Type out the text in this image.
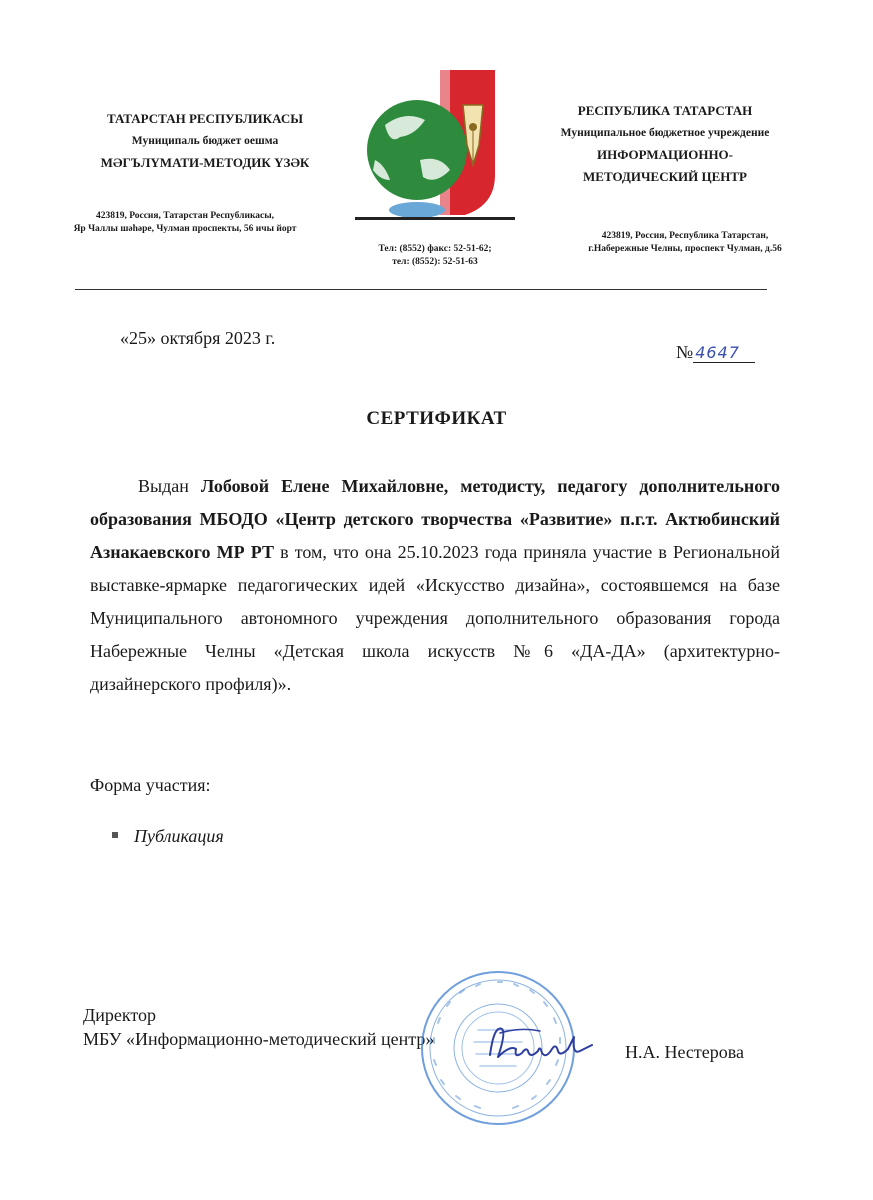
ТАТАРСТАН РЕСПУБЛИКАСЫ
Муниципаль бюджет оешма
МӘГЪЛҮМАТИ-МЕТОДИК ҮЗӘК
423819, Россия, Татарстан Республикасы,
Яр Чаллы шәһәре, Чулман проспекты, 56 ичы йорт
Тел: (8552) факс: 52-51-62;
тел: (8552): 52-51-63
РЕСПУБЛИКА ТАТАРСТАН
Муниципальное бюджетное учреждение
ИНФОРМАЦИОННО-
МЕТОДИЧЕСКИЙ ЦЕНТР
423819, Россия, Республика Татарстан,
г.Набережные Челны, проспект Чулман, д.56
«25» октября 2023 г.
№ 4647
СЕРТИФИКАТ
Выдан Лобовой Елене Михайловне, методисту, педагогу дополнительного образования МБОДО «Центр детского творчества «Развитие» п.г.т. Актюбинский Азнакаевского МР РТ в том, что она 25.10.2023 года приняла участие в Региональной выставке-ярмарке педагогических идей «Искусство дизайна», состоявшемся на базе Муниципального автономного учреждения дополнительного образования города Набережные Челны «Детская школа искусств №6 «ДА-ДА» (архитектурно-дизайнерского профиля)».
Форма участия:
Публикация
Директор
МБУ «Информационно-методический центр»
Н.А. Нестерова
